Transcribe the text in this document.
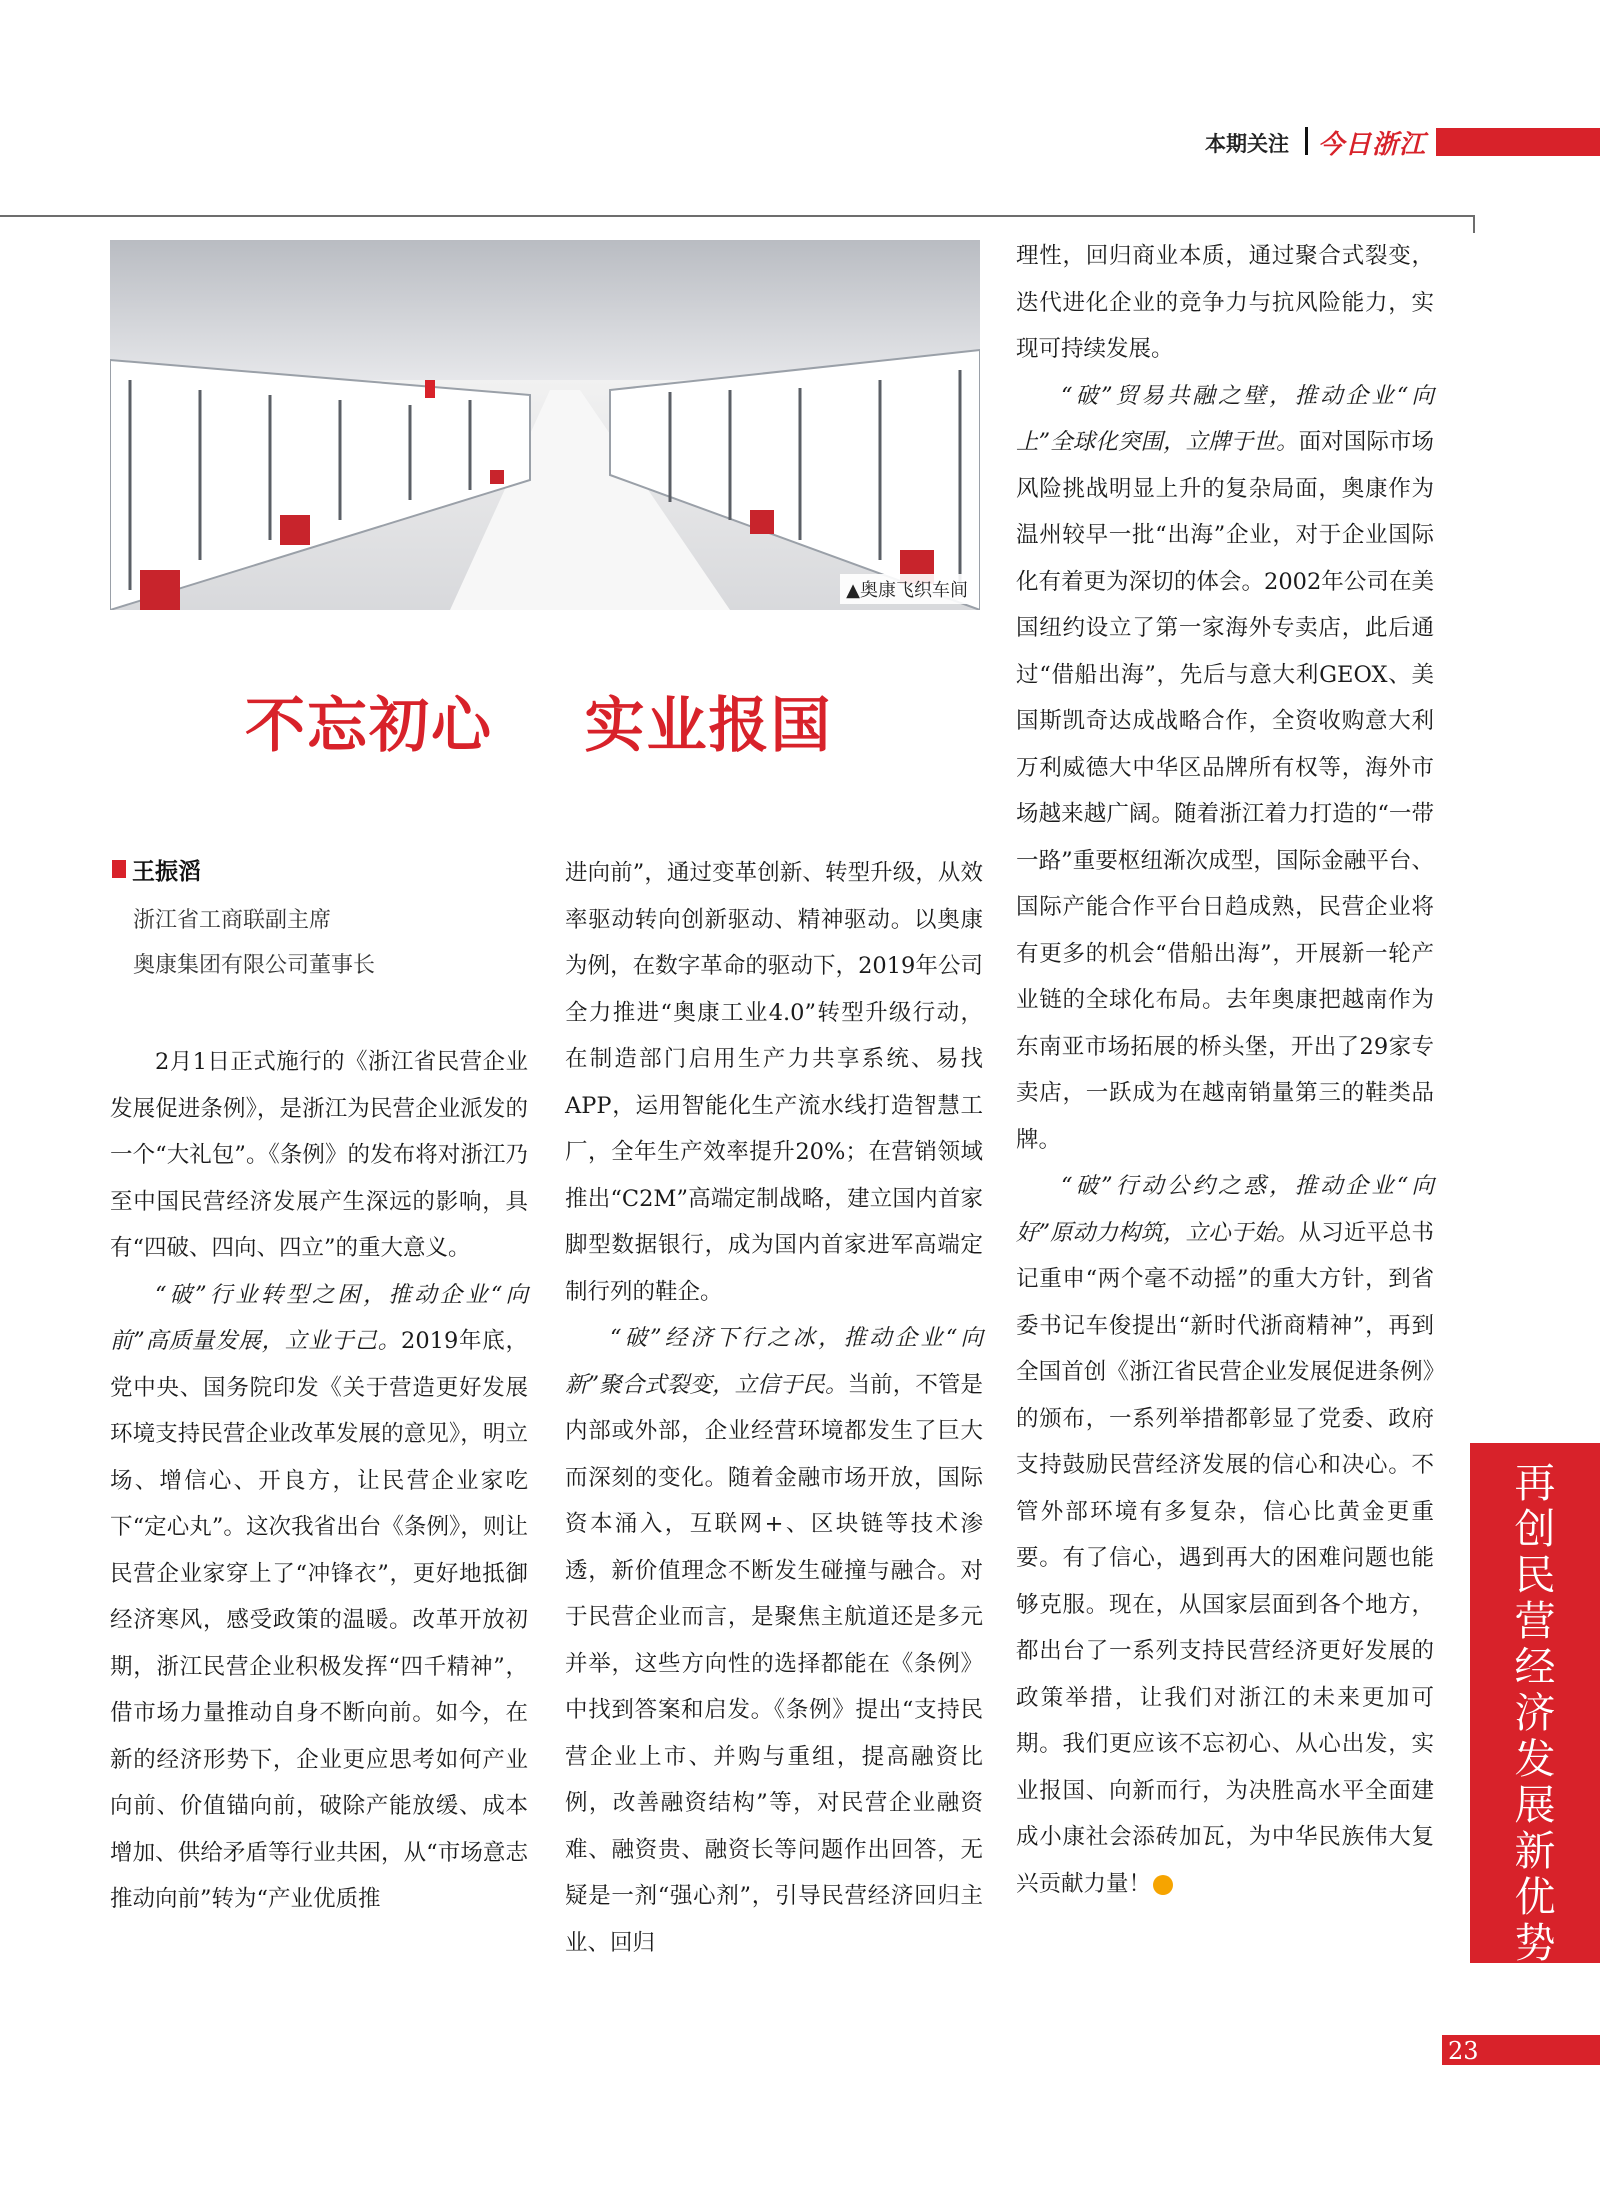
本期关注 今日浙江
▲奥康飞织车间
不忘初心    实业报国
王振滔
浙江省工商联副主席
奥康集团有限公司董事长

2月1日正式施行的《浙江省民营企业发展促进条例》，是浙江为民营企业派发的一个“大礼包”。《条例》的发布将对浙江乃至中国民营经济发展产生深远的影响，具有“四破、四向、四立”的重大意义。

“破”行业转型之困，推动企业“向前”高质量发展，立业于己。2019年底，党中央、国务院印发《关于营造更好发展环境支持民营企业改革发展的意见》，明立场、增信心、开良方，让民营企业家吃下“定心丸”。这次我省出台《条例》，则让民营企业家穿上了“冲锋衣”，更好地抵御经济寒风，感受政策的温暖。改革开放初期，浙江民营企业积极发挥“四千精神”，借市场力量推动自身不断向前。如今，在新的经济形势下，企业更应思考如何产业向前、价值锚向前，破除产能放缓、成本增加、供给矛盾等行业共困，从“市场意志推动向前”转为“产业优质推

进向前”，通过变革创新、转型升级，从效率驱动转向创新驱动、精神驱动。以奥康为例，在数字革命的驱动下，2019年公司全力推进“奥康工业4.0”转型升级行动，在制造部门启用生产力共享系统、易找APP，运用智能化生产流水线打造智慧工厂，全年生产效率提升20%；在营销领域推出“C2M”高端定制战略，建立国内首家脚型数据银行，成为国内首家进军高端定制行列的鞋企。

“破”经济下行之冰，推动企业“向新”聚合式裂变，立信于民。当前，不管是内部或外部，企业经营环境都发生了巨大而深刻的变化。随着金融市场开放，国际资本涌入，互联网+、区块链等技术渗透，新价值理念不断发生碰撞与融合。对于民营企业而言，是聚焦主航道还是多元并举，这些方向性的选择都能在《条例》中找到答案和启发。《条例》提出“支持民营企业上市、并购与重组，提高融资比例，改善融资结构”等，对民营企业融资难、融资贵、融资长等问题作出回答，无疑是一剂“强心剂”，引导民营经济回归主业、回归

理性，回归商业本质，通过聚合式裂变，迭代进化企业的竞争力与抗风险能力，实现可持续发展。

“破”贸易共融之壁，推动企业“向上”全球化突围，立牌于世。面对国际市场风险挑战明显上升的复杂局面，奥康作为温州较早一批“出海”企业，对于企业国际化有着更为深切的体会。2002年公司在美国纽约设立了第一家海外专卖店，此后通过“借船出海”，先后与意大利GEOX、美国斯凯奇达成战略合作，全资收购意大利万利威德大中华区品牌所有权等，海外市场越来越广阔。随着浙江着力打造的“一带一路”重要枢纽渐次成型，国际金融平台、国际产能合作平台日趋成熟，民营企业将有更多的机会“借船出海”，开展新一轮产业链的全球化布局。去年奥康把越南作为东南亚市场拓展的桥头堡，开出了29家专卖店，一跃成为在越南销量第三的鞋类品牌。

“破”行动公约之惑，推动企业“向好”原动力构筑，立心于始。从习近平总书记重申“两个毫不动摇”的重大方针，到省委书记车俊提出“新时代浙商精神”，再到全国首创《浙江省民营企业发展促进条例》的颁布，一系列举措都彰显了党委、政府支持鼓励民营经济发展的信心和决心。不管外部环境有多复杂，信心比黄金更重要。有了信心，遇到再大的困难问题也能够克服。现在，从国家层面到各个地方，都出台了一系列支持民营经济更好发展的政策举措，让我们对浙江的未来更加可期。我们更应该不忘初心、从心出发，实业报国、向新而行，为决胜高水平全面建成小康社会添砖加瓦，为中华民族伟大复兴贡献力量！

再创民营经济发展新优势
23
